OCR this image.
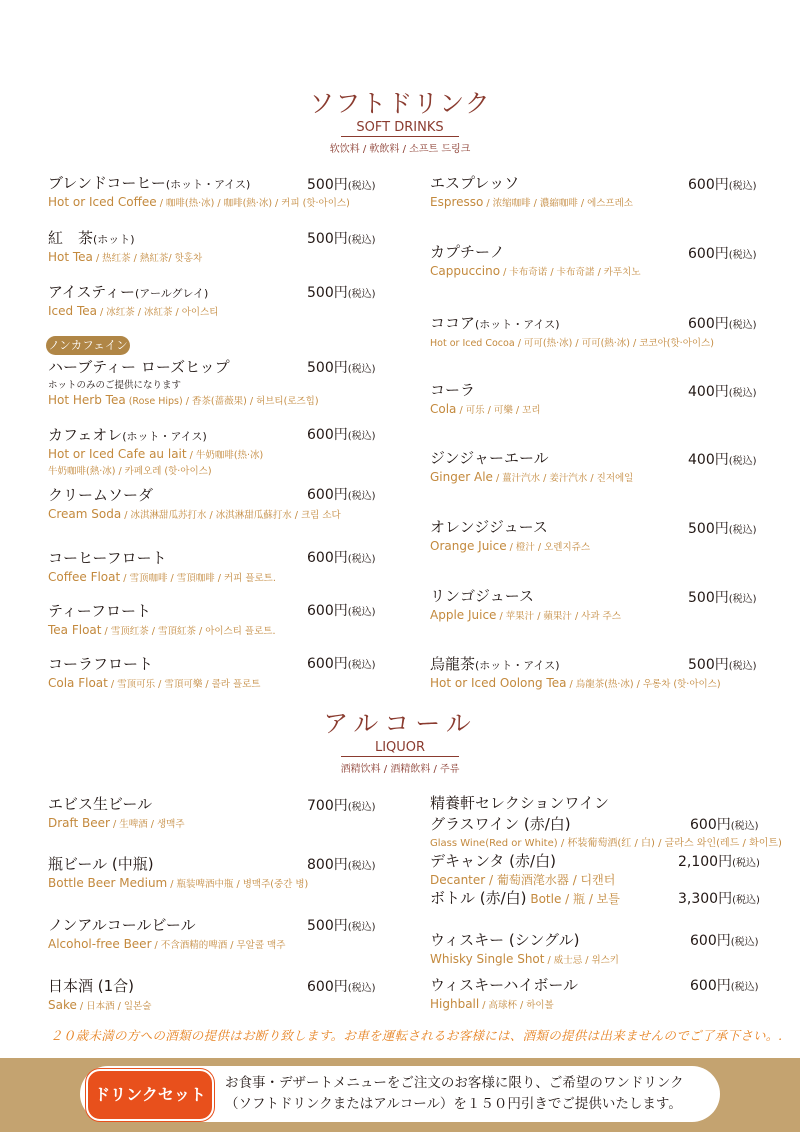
ソフトドリンク
SOFT DRINKS
软饮料 / 軟飲料 / 소프트 드링크
ブレンドコーヒー(ホット・アイス)
Hot or Iced Coffee / 咖啡(热·冰) / 咖啡(熱·冰) / 커피 (핫·아이스)
500円(税込)
紅　茶(ホット)
Hot Tea / 热红茶 / 熱紅茶/ 핫홍차
500円(税込)
アイスティー(アールグレイ)
Iced Tea / 冰红茶 / 冰紅茶 / 아이스티
500円(税込)
ノンカフェイン
ハーブティー ローズヒップ
ホットのみのご提供になります
Hot Herb Tea (Rose Hips) / 香茶(蔷薇果) / 허브티(로즈힙)
500円(税込)
カフェオレ(ホット・アイス)
Hot or Iced Cafe au lait / 牛奶咖啡(热·冰)
牛奶咖啡(熱·冰) / 카페오레 (핫·아이스)
600円(税込)
クリームソーダ
Cream Soda / 冰淇淋甜瓜苏打水 / 冰淇淋甜瓜蘇打水 / 크림 소다
600円(税込)
コーヒーフロート
Coffee Float / 雪顶咖啡 / 雪頂咖啡 / 커피 플로트.
600円(税込)
ティーフロート
Tea Float / 雪顶红茶 / 雪頂紅茶 / 아이스티 플로트.
600円(税込)
コーラフロート
Cola Float / 雪顶可乐 / 雪頂可樂 / 콜라 플로트
600円(税込)
エスプレッソ
Espresso / 浓缩咖啡 / 濃縮咖啡 / 에스프레소
600円(税込)
カプチーノ
Cappuccino / 卡布奇诺 / 卡布奇諾 / 카푸치노
600円(税込)
ココア(ホット・アイス)
Hot or Iced Cocoa / 可可(热·冰) / 可可(熱·冰) / 코코아(핫·아이스)
600円(税込)
コーラ
Cola / 可乐 / 可樂 / 꼬리
400円(税込)
ジンジャーエール
Ginger Ale / 薑汁汽水 / 姜汁汽水 / 진저에일
400円(税込)
オレンジジュース
Orange Juice / 橙汁 / 오렌지쥬스
500円(税込)
リンゴジュース
Apple Juice / 苹果汁 / 蘋果汁 / 사과 주스
500円(税込)
烏龍茶(ホット・アイス)
Hot or Iced Oolong Tea / 烏龍茶(热·冰) / 우롱차 (핫·아이스)
500円(税込)
アルコール
LIQUOR
酒精饮料 / 酒精飲料 / 주류
エビス生ビール
Draft Beer / 生啤酒 / 생맥주
700円(税込)
瓶ビール (中瓶)
Bottle Beer Medium / 瓶装啤酒中瓶 / 병맥주(중간 병)
800円(税込)
ノンアルコールビール
Alcohol-free Beer / 不含酒精的啤酒 / 무알콜 맥주
500円(税込)
日本酒 (1合)
Sake / 日本酒 / 일본술
600円(税込)
精養軒セレクションワイン
グラスワイン (赤/白)
Glass Wine(Red or White) / 杯装葡萄酒(红 / 白) / 글라스 와인(레드 / 화이트)
600円(税込)
デキャンタ (赤/白)
Decanter / 葡萄酒滗水器 / 디캔터
2,100円(税込)
ボトル (赤/白) Botle / 瓶 / 보틀	3,300円(税込)
ウィスキー (シングル)
Whisky Single Shot / 威士忌 / 위스키
600円(税込)
ウィスキーハイボール
Highball / 高球杯 / 하이볼
600円(税込)
２０歳未満の方への酒類の提供はお断り致します。お車を運転されるお客様には、酒類の提供は出来ませんのでご了承下さい。.
ドリンクセット
お食事・デザートメニューをご注文のお客様に限り、ご希望のワンドリンク
（ソフトドリンクまたはアルコール）を１５０円引きでご提供いたします。
